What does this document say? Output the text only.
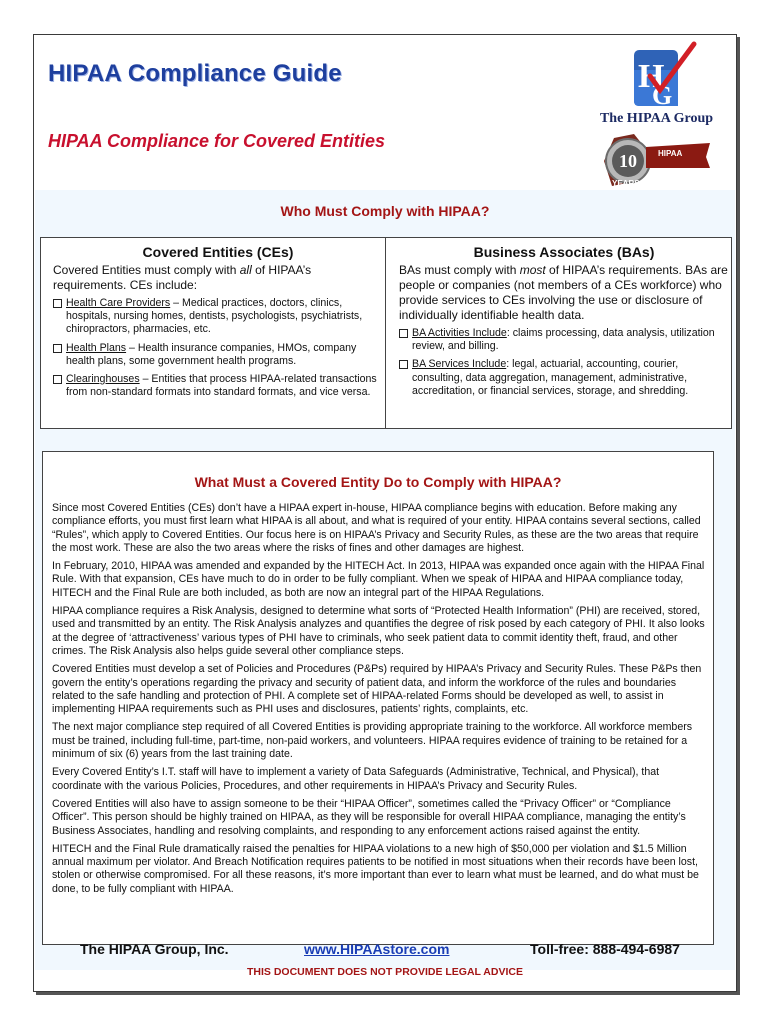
HIPAA Compliance Guide
HIPAA Compliance for Covered Entities
H
G
The HIPAA Group
10	HIPAA
YEARS
Who Must Comply with HIPAA?
Covered Entities (CEs)

Covered Entities must comply with all of HIPAA’s requirements. CEs include:

Health Care Providers – Medical practices, doctors, clinics, hospitals, nursing homes, dentists, psychologists, psychiatrists, chiropractors, pharmacies, etc.
Health Plans – Health insurance companies, HMOs, company health plans, some government health programs.
Clearinghouses – Entities that process HIPAA-related transactions from non-standard formats into standard formats, and vice versa.
Business Associates (BAs)

BAs must comply with most of HIPAA’s requirements. BAs are people or companies (not members of a CEs workforce) who provide services to CEs involving the use or disclosure of individually identifiable health data.

BA Activities Include: claims processing, data analysis, utilization review, and billing.
BA Services Include: legal, actuarial, accounting, courier, consulting, data aggregation, management, administrative, accreditation, or financial services, storage, and shredding.
What Must a Covered Entity Do to Comply with HIPAA?

Since most Covered Entities (CEs) don’t have a HIPAA expert in-house, HIPAA compliance begins with education. Before making any compliance efforts, you must first learn what HIPAA is all about, and what is required of your entity. HIPAA contains several sections, called “Rules”, which apply to Covered Entities. Our focus here is on HIPAA’s Privacy and Security Rules, as these are the two areas that require the most work. These are also the two areas where the risks of fines and other damages are highest.

In February, 2010, HIPAA was amended and expanded by the HITECH Act. In 2013, HIPAA was expanded once again with the HIPAA Final Rule. With that expansion, CEs have much to do in order to be fully compliant. When we speak of HIPAA and HIPAA compliance today, HITECH and the Final Rule are both included, as both are now an integral part of the HIPAA Regulations.

HIPAA compliance requires a Risk Analysis, designed to determine what sorts of “Protected Health Information” (PHI) are received, stored, used and transmitted by an entity. The Risk Analysis analyzes and quantifies the degree of risk posed by each category of PHI. It also looks at the degree of ‘attractiveness’ various types of PHI have to criminals, who seek patient data to commit identity theft, fraud, and other crimes. The Risk Analysis also helps guide several other compliance steps.

Covered Entities must develop a set of Policies and Procedures (P&Ps) required by HIPAA’s Privacy and Security Rules. These P&Ps then govern the entity’s operations regarding the privacy and security of patient data, and inform the workforce of the rules and boundaries related to the safe handling and protection of PHI. A complete set of HIPAA-related Forms should be developed as well, to assist in implementing HIPAA requirements such as PHI uses and disclosures, patients’ rights, complaints, etc.

The next major compliance step required of all Covered Entities is providing appropriate training to the workforce. All workforce members must be trained, including full-time, part-time, non-paid workers, and volunteers. HIPAA requires evidence of training to be retained for a minimum of six (6) years from the last training date.

Every Covered Entity’s I.T. staff will have to implement a variety of Data Safeguards (Administrative, Technical, and Physical), that coordinate with the various Policies, Procedures, and other requirements in HIPAA’s Privacy and Security Rules.

Covered Entities will also have to assign someone to be their “HIPAA Officer”, sometimes called the “Privacy Officer” or “Compliance Officer”. This person should be highly trained on HIPAA, as they will be responsible for overall HIPAA compliance, managing the entity’s Business Associates, handling and resolving complaints, and responding to any enforcement actions raised against the entity.

HITECH and the Final Rule dramatically raised the penalties for HIPAA violations to a new high of $50,000 per violation and $1.5 Million annual maximum per violator. And Breach Notification requires patients to be notified in most situations when their records have been lost, stolen or otherwise compromised. For all these reasons, it’s more important than ever to learn what must be learned, and do what must be done, to be fully compliant with HIPAA.

The HIPAA Group, Inc.	www.HIPAAstore.com	Toll-free: 888-494-6987
THIS DOCUMENT DOES NOT PROVIDE LEGAL ADVICE
